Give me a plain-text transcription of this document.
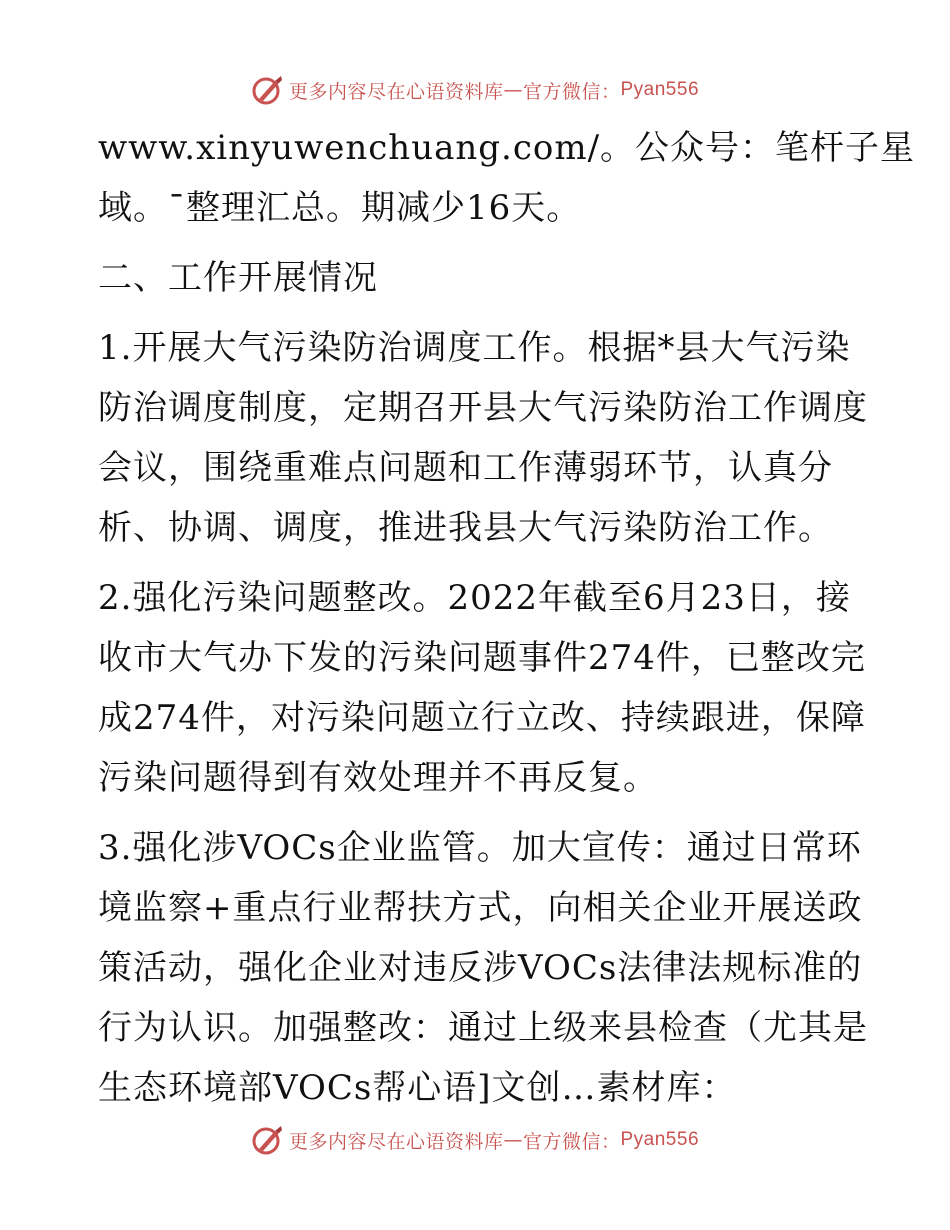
更多内容尽在心语资料库 — 官方微信： Pyan556
www.xinyuwenchuang.com/。公众号：笔杆子星
域。¯整理汇总。期减少16天。
二、工作开展情况
1.开展大气污染防治调度工作。根据*县大气污染
防治调度制度，定期召开县大气污染防治工作调度
会议，围绕重难点问题和工作薄弱环节，认真分
析、协调、调度，推进我县大气污染防治工作。
2.强化污染问题整改。2022年截至6月23日，接
收市大气办下发的污染问题事件274件，已整改完
成274件，对污染问题立行立改、持续跟进，保障
污染问题得到有效处理并不再反复。
3.强化涉VOCs企业监管。加大宣传：通过日常环
境监察+重点行业帮扶方式，向相关企业开展送政
策活动，强化企业对违反涉VOCs法律法规标准的
行为认识。加强整改：通过上级来县检查（尤其是
生态环境部VOCs帮心语]文创…素材库：
更多内容尽在心语资料库 — 官方微信： Pyan556
